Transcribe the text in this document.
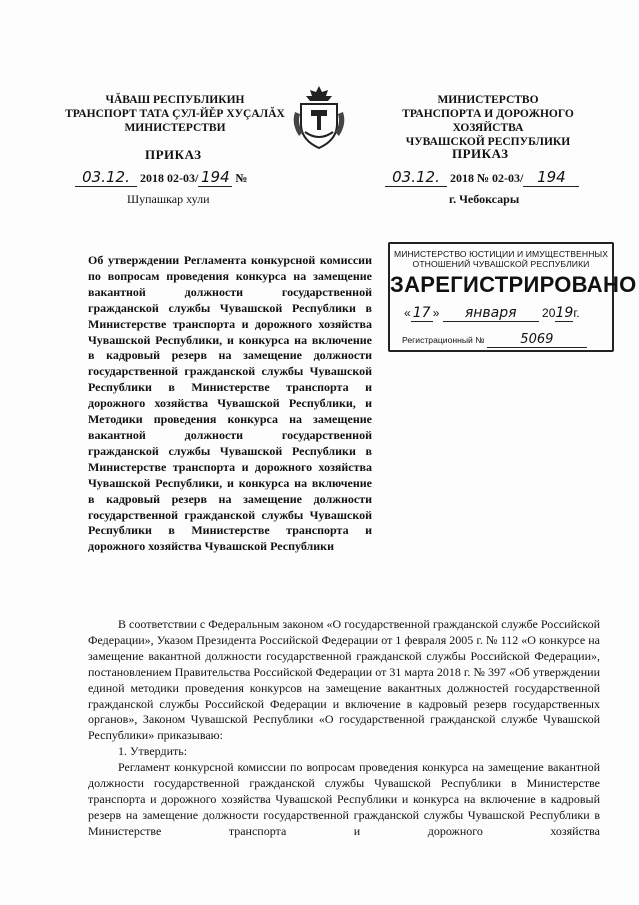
ЧĂВАШ РЕСПУБЛИКИН
ТРАНСПОРТ ТАТА ÇУЛ-ЙĔР ХУÇАЛĂХ
МИНИСТЕРСТВИ
МИНИСТЕРСТВО
ТРАНСПОРТА И ДОРОЖНОГО ХОЗЯЙСТВА
ЧУВАШСКОЙ РЕСПУБЛИКИ
ПРИКАЗ	ПРИКАЗ
03.12. 2018 02-03/ 194 №	03.12. 2018 № 02-03/ 194
Шупашкар хули	г. Чебоксары
Об утверждении Регламента конкурсной комиссии по вопросам проведения конкурса на замещение вакантной должности государственной гражданской службы Чувашской Республики в Министерстве транспорта и дорожного хозяйства Чувашской Республики, и конкурса на включение в кадровый резерв на замещение должности государственной гражданской службы Чувашской Республики в Министерстве транспорта и дорожного хозяйства Чувашской Республики, и Методики проведения конкурса на замещение вакантной должности государственной гражданской службы Чувашской Республики в Министерстве транспорта и дорожного хозяйства Чувашской Республики, и конкурса на включение в кадровый резерв на замещение должности государственной гражданской службы Чувашской Республики в Министерстве транспорта и дорожного хозяйства Чувашской Республики
МИНИСТЕРСТВО ЮСТИЦИИ И ИМУЩЕСТВЕННЫХ ОТНОШЕНИЙ ЧУВАШСКОЙ РЕСПУБЛИКИ
ЗАРЕГИСТРИРОВАНО
« 17 » января 2019г.
Регистрационный №	5069

В соответствии с Федеральным законом «О государственной гражданской службе Российской Федерации», Указом Президента Российской Федерации от 1 февраля 2005 г. № 112 «О конкурсе на замещение вакантной должности государственной гражданской службы Российской Федерации», постановлением Правительства Российской Федерации от 31 марта 2018 г. № 397 «Об утверждении единой методики проведения конкурсов на замещение вакантных должностей государственной гражданской службы Российской Федерации и включение в кадровый резерв государственных органов», Законом Чувашской Республики «О государственной гражданской службе Чувашской Республики» приказываю:

1. Утвердить:

Регламент конкурсной комиссии по вопросам проведения конкурса на замещение вакантной должности государственной гражданской службы Чувашской Республики в Министерстве транспорта и дорожного хозяйства Чувашской Республики и конкурса на включение в кадровый резерв на замещение должности государственной гражданской службы Чувашской Республики в Министерстве транспорта и дорожного хозяйства
